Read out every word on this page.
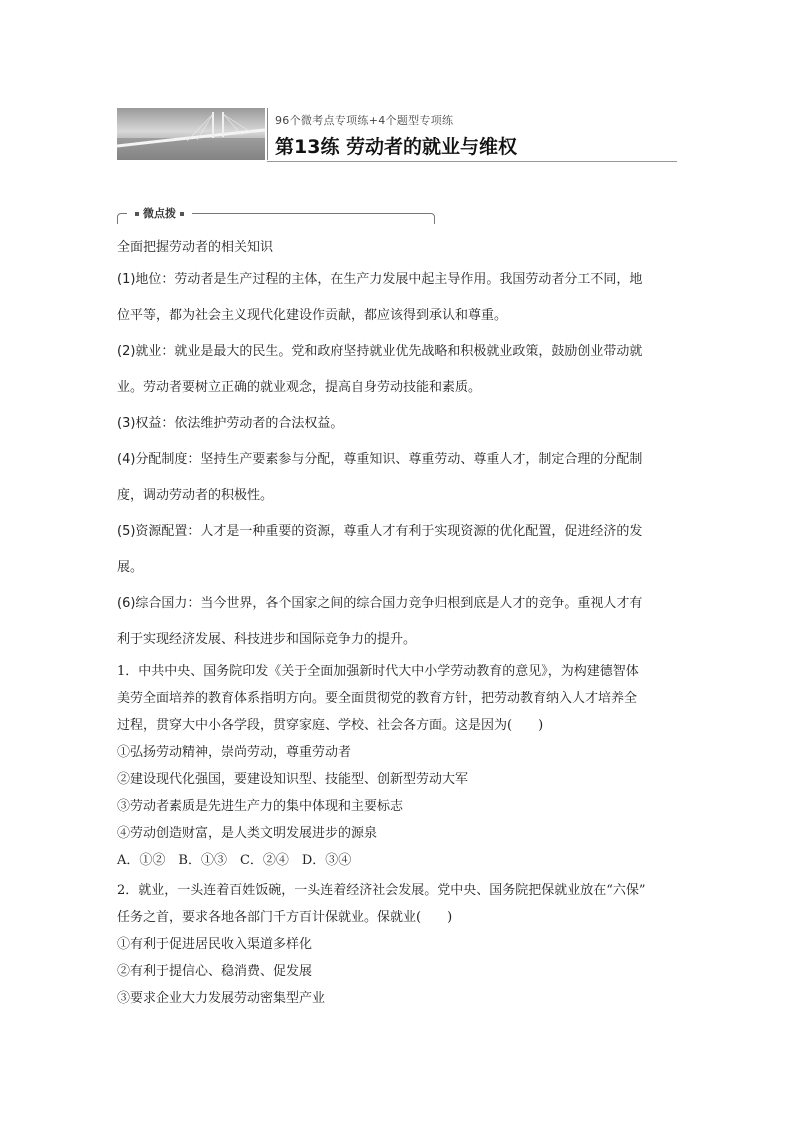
96个微考点专项练+4个题型专项练
第13练 劳动者的就业与维权
微点拨
全面把握劳动者的相关知识
(1)地位：劳动者是生产过程的主体，在生产力发展中起主导作用。我国劳动者分工不同，地
位平等，都为社会主义现代化建设作贡献，都应该得到承认和尊重。
(2)就业：就业是最大的民生。党和政府坚持就业优先战略和积极就业政策，鼓励创业带动就
业。劳动者要树立正确的就业观念，提高自身劳动技能和素质。
(3)权益：依法维护劳动者的合法权益。
(4)分配制度：坚持生产要素参与分配，尊重知识、尊重劳动、尊重人才，制定合理的分配制
度，调动劳动者的积极性。
(5)资源配置：人才是一种重要的资源，尊重人才有利于实现资源的优化配置，促进经济的发
展。
(6)综合国力：当今世界，各个国家之间的综合国力竞争归根到底是人才的竞争。重视人才有
利于实现经济发展、科技进步和国际竞争力的提升。
1．中共中央、国务院印发《关于全面加强新时代大中小学劳动教育的意见》，为构建德智体
美劳全面培养的教育体系指明方向。要全面贯彻党的教育方针，把劳动教育纳入人才培养全
过程，贯穿大中小各学段，贯穿家庭、学校、社会各方面。这是因为(　　)
①弘扬劳动精神，崇尚劳动，尊重劳动者
②建设现代化强国，要建设知识型、技能型、创新型劳动大军
③劳动者素质是先进生产力的集中体现和主要标志
④劳动创造财富，是人类文明发展进步的源泉
A．①②　B．①③　C．②④　D．③④
2．就业，一头连着百姓饭碗，一头连着经济社会发展。党中央、国务院把保就业放在“六保”
任务之首，要求各地各部门千方百计保就业。保就业(　　)
①有利于促进居民收入渠道多样化
②有利于提信心、稳消费、促发展
③要求企业大力发展劳动密集型产业
